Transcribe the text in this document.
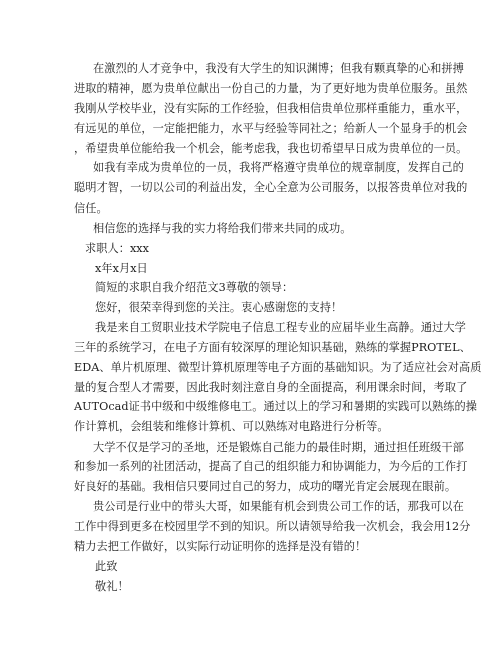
在激烈的人才竞争中，我没有大学生的知识渊博；但我有颗真挚的心和拼搏
进取的精神，愿为贵单位献出一份自己的力量，为了更好地为贵单位服务。虽然
我刚从学校毕业，没有实际的工作经验，但我相信贵单位那样重能力，重水平，
有远见的单位，一定能把能力，水平与经验等同社之；给新人一个显身手的机会
，希望贵单位能给我一个机会，能考虑我，我也切希望早日成为贵单位的一员。
如我有幸成为贵单位的一员，我将严格遵守贵单位的规章制度，发挥自己的
聪明才智，一切以公司的利益出发，全心全意为公司服务，以报答贵单位对我的
信任。
相信您的选择与我的实力将给我们带来共同的成功。
求职人：xxx
x年x月x日
简短的求职自我介绍范文3尊敬的领导：
您好，很荣幸得到您的关注。衷心感谢您的支持！
我是来自工贸职业技术学院电子信息工程专业的应届毕业生高静。通过大学
三年的系统学习，在电子方面有较深厚的理论知识基础，熟练的掌握PROTEL、
EDA、单片机原理、微型计算机原理等电子方面的基础知识。为了适应社会对高质
量的复合型人才需要，因此我时刻注意自身的全面提高，利用课余时间，考取了
AUTOcad证书中级和中级维修电工。通过以上的学习和暑期的实践可以熟练的操
作计算机，会组装和维修计算机、可以熟练对电路进行分析等。
大学不仅是学习的圣地，还是锻炼自己能力的最佳时期，通过担任班级干部
和参加一系列的社团活动，提高了自己的组织能力和协调能力，为今后的工作打
好良好的基础。我相信只要同过自己的努力，成功的曙光肯定会展现在眼前。
贵公司是行业中的带头大哥，如果能有机会到贵公司工作的话，那我可以在
工作中得到更多在校园里学不到的知识。所以请领导给我一次机会，我会用12分
精力去把工作做好，以实际行动证明你的选择是没有错的！
此致
敬礼！
